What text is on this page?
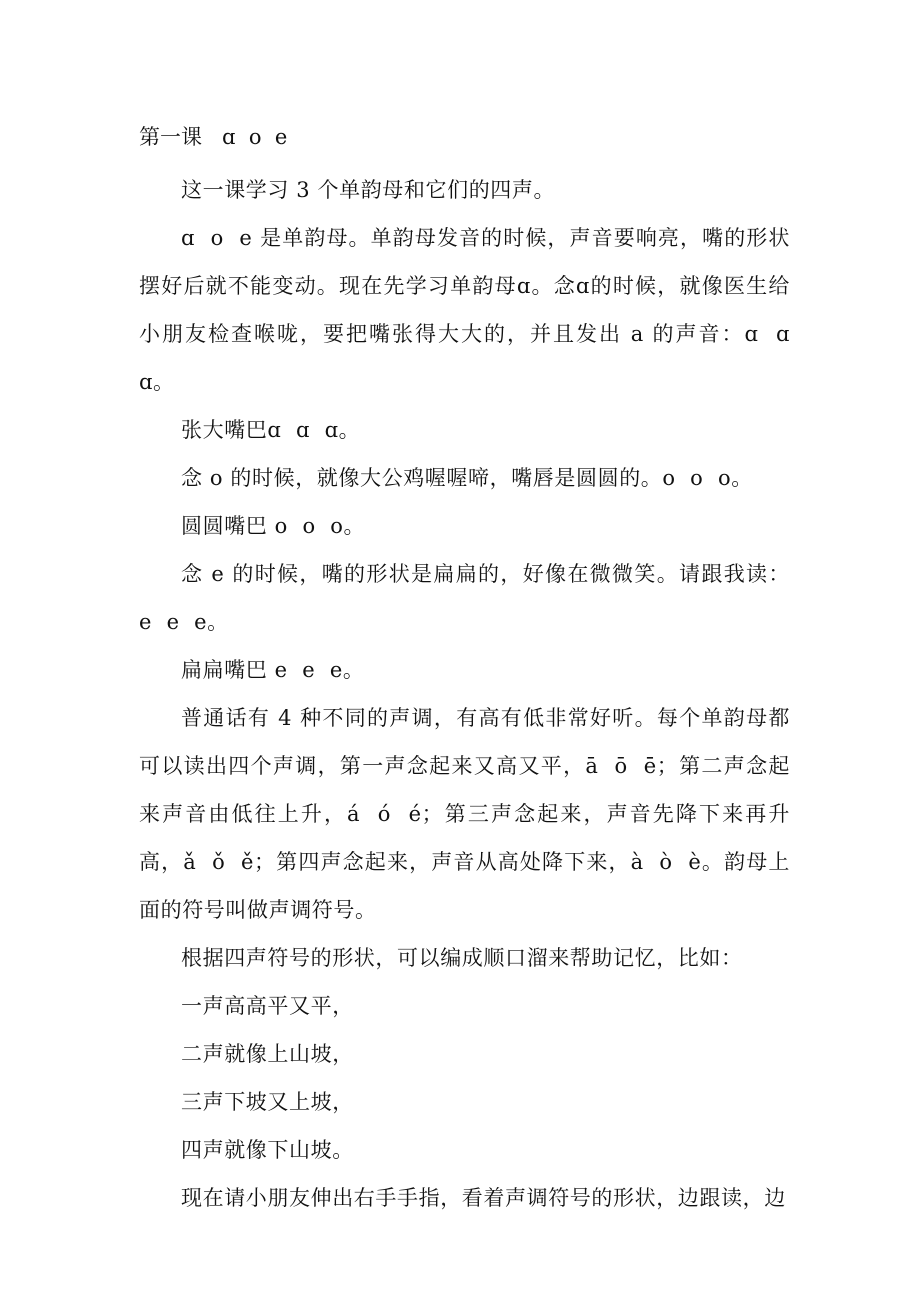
第一课   ɑ  o  e

这一课学习 3 个单韵母和它们的四声。

ɑ  o  e 是单韵母。单韵母发音的时候，声音要响亮，嘴的形状摆好后就不能变动。现在先学习单韵母ɑ。念ɑ的时候，就像医生给小朋友检查喉咙，要把嘴张得大大的，并且发出 a 的声音：ɑ  ɑ  ɑ。

张大嘴巴ɑ  ɑ  ɑ。

念 o 的时候，就像大公鸡喔喔啼，嘴唇是圆圆的。o  o  o。

圆圆嘴巴 o  o  o。

念 e 的时候，嘴的形状是扁扁的，好像在微微笑。请跟我读：  e  e  e。

扁扁嘴巴 e  e  e。

普通话有 4 种不同的声调，有高有低非常好听。每个单韵母都可以读出四个声调，第一声念起来又高又平，ā  ō  ē；第二声念起来声音由低往上升，á  ó  é；第三声念起来，声音先降下来再升高，ǎ  ǒ  ě；第四声念起来，声音从高处降下来，à  ò  è。韵母上面的符号叫做声调符号。

根据四声符号的形状，可以编成顺口溜来帮助记忆，比如：

一声高高平又平，

二声就像上山坡，

三声下坡又上坡，

四声就像下山坡。

现在请小朋友伸出右手手指，看着声调符号的形状，边跟读，边
